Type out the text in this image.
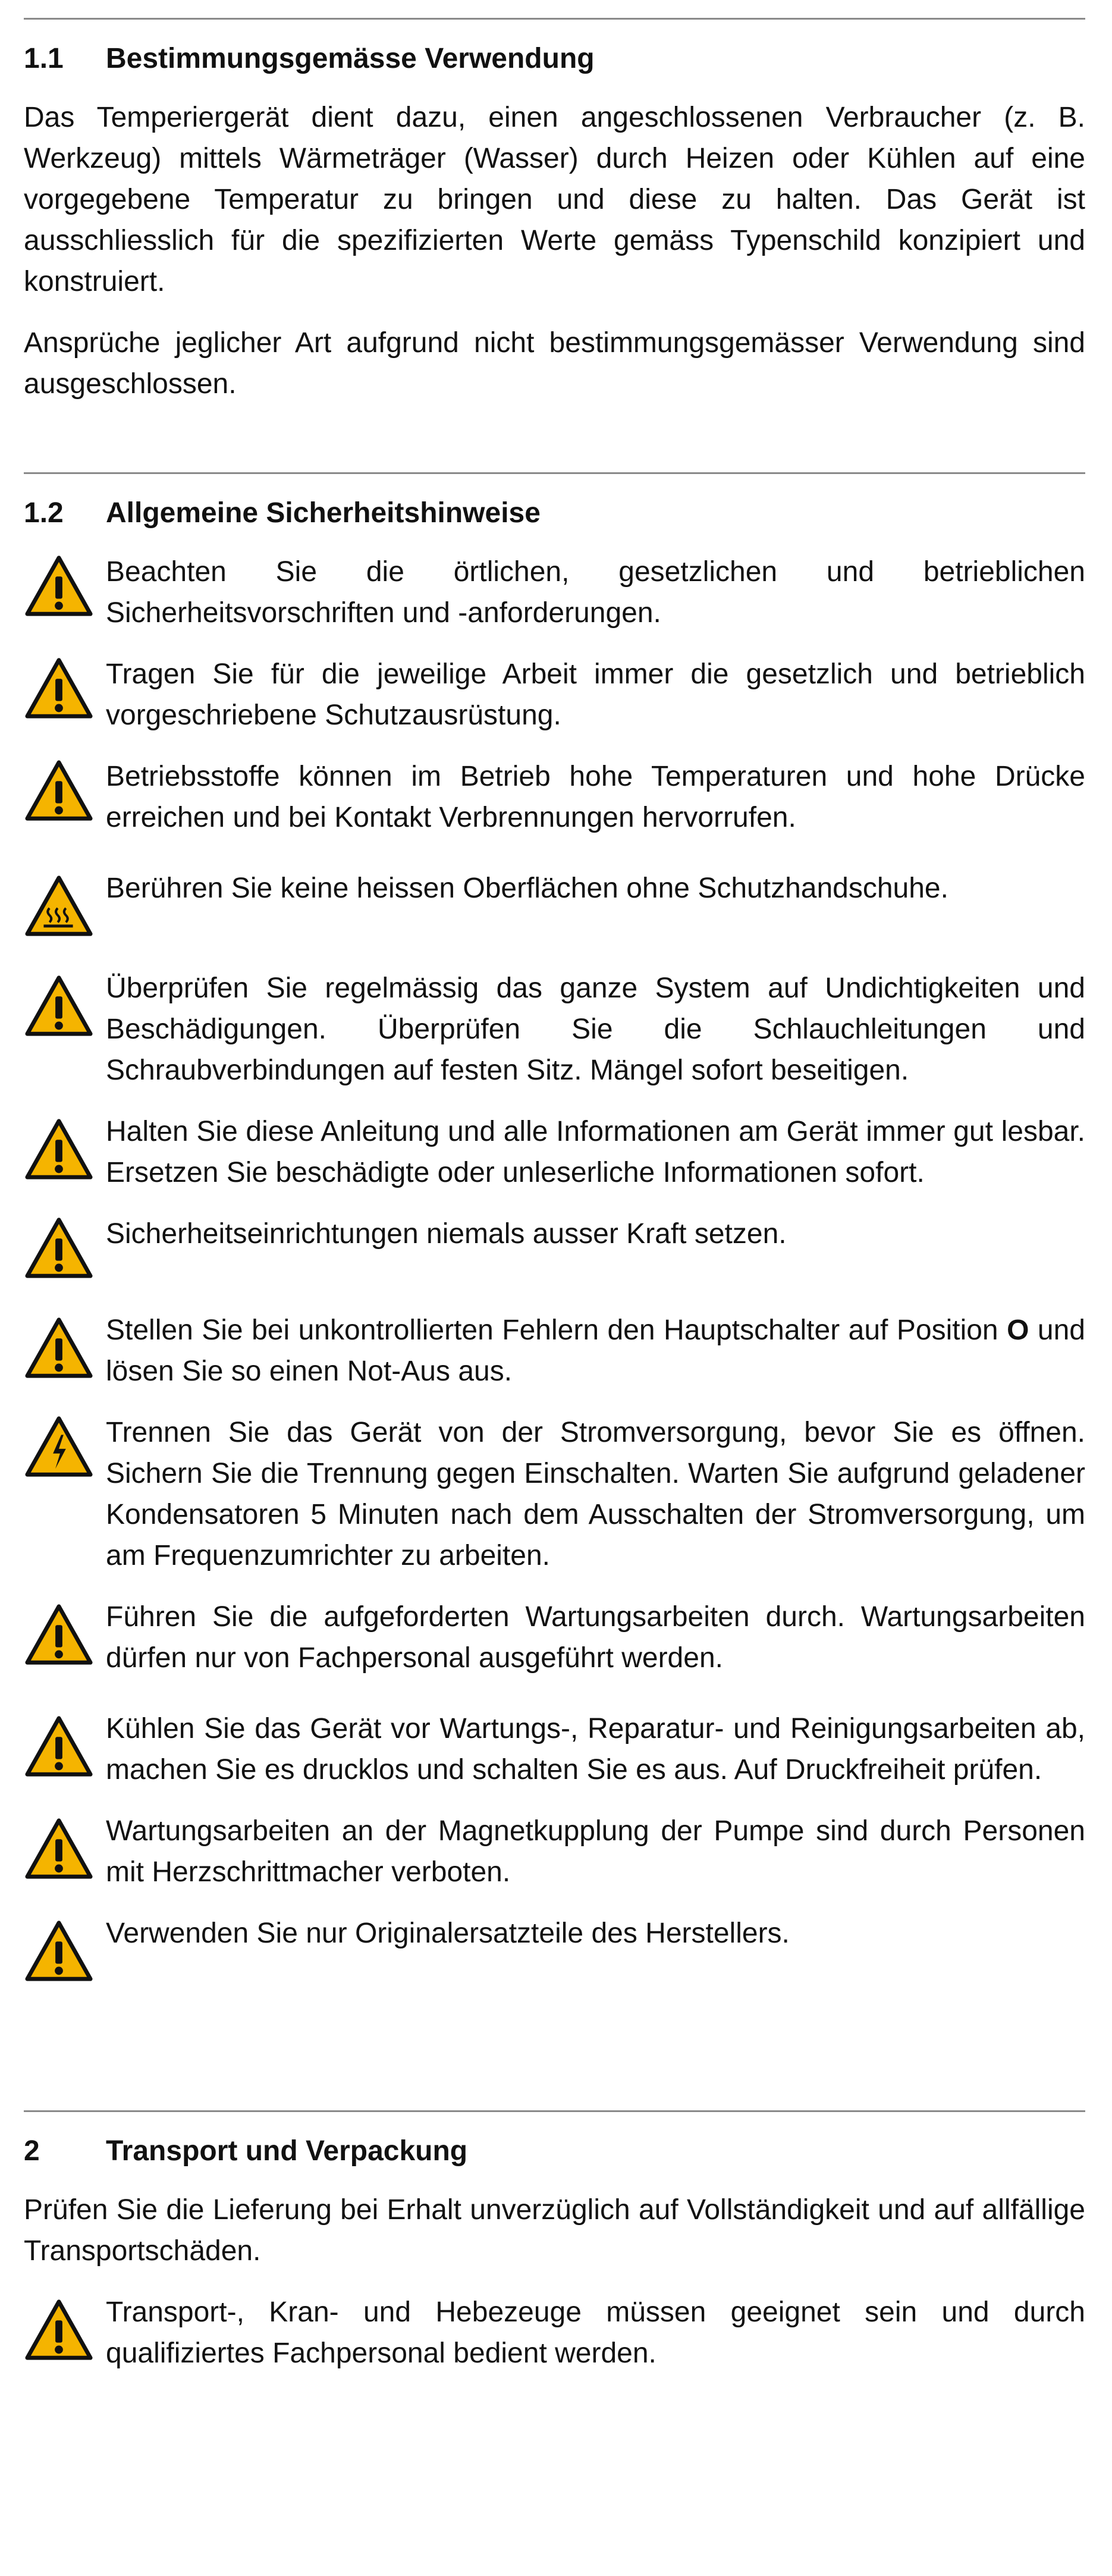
1.1	Bestimmungsgemässe Verwendung

Das Temperiergerät dient dazu, einen angeschlossenen Verbraucher (z. B. Werkzeug) mittels Wärmeträger (Wasser) durch Heizen oder Kühlen auf eine vorgegebene Temperatur zu bringen und diese zu halten. Das Gerät ist ausschliesslich für die spezifizierten Werte gemäss Typenschild konzipiert und konstruiert.

Ansprüche jeglicher Art aufgrund nicht bestimmungsgemässer Verwendung sind ausgeschlossen.

1.2	Allgemeine Sicherheitshinweise
Beachten Sie die örtlichen, gesetzlichen und betrieblichen Sicherheitsvorschriften und -anforderungen.
Tragen Sie für die jeweilige Arbeit immer die gesetzlich und betrieblich vorgeschriebene Schutzausrüstung.
Betriebsstoffe können im Betrieb hohe Temperaturen und hohe Drücke erreichen und bei Kontakt Verbrennungen hervorrufen.
Berühren Sie keine heissen Oberflächen ohne Schutzhandschuhe.
Überprüfen Sie regelmässig das ganze System auf Undichtigkeiten und Beschädigungen. Überprüfen Sie die Schlauchleitungen und Schraubverbindungen auf festen Sitz. Mängel sofort beseitigen.
Halten Sie diese Anleitung und alle Informationen am Gerät immer gut lesbar. Ersetzen Sie beschädigte oder unleserliche Informationen sofort.
Sicherheitseinrichtungen niemals ausser Kraft setzen.
Stellen Sie bei unkontrollierten Fehlern den Hauptschalter auf Position O und lösen Sie so einen Not-Aus aus.
Trennen Sie das Gerät von der Stromversorgung, bevor Sie es öffnen. Sichern Sie die Trennung gegen Einschalten. Warten Sie aufgrund geladener Kondensatoren 5 Minuten nach dem Ausschalten der Stromversorgung, um am Frequenzumrichter zu arbeiten.
Führen Sie die aufgeforderten Wartungsarbeiten durch. Wartungsarbeiten dürfen nur von Fachpersonal ausgeführt werden.
Kühlen Sie das Gerät vor Wartungs-, Reparatur- und Reinigungsarbeiten ab, machen Sie es drucklos und schalten Sie es aus. Auf Druckfreiheit prüfen.
Wartungsarbeiten an der Magnetkupplung der Pumpe sind durch Personen mit Herzschrittmacher verboten.
Verwenden Sie nur Originalersatzteile des Herstellers.
2	Transport und Verpackung

Prüfen Sie die Lieferung bei Erhalt unverzüglich auf Vollständigkeit und auf allfällige Transportschäden.

Transport-, Kran- und Hebezeuge müssen geeignet sein und durch qualifiziertes Fachpersonal bedient werden.
